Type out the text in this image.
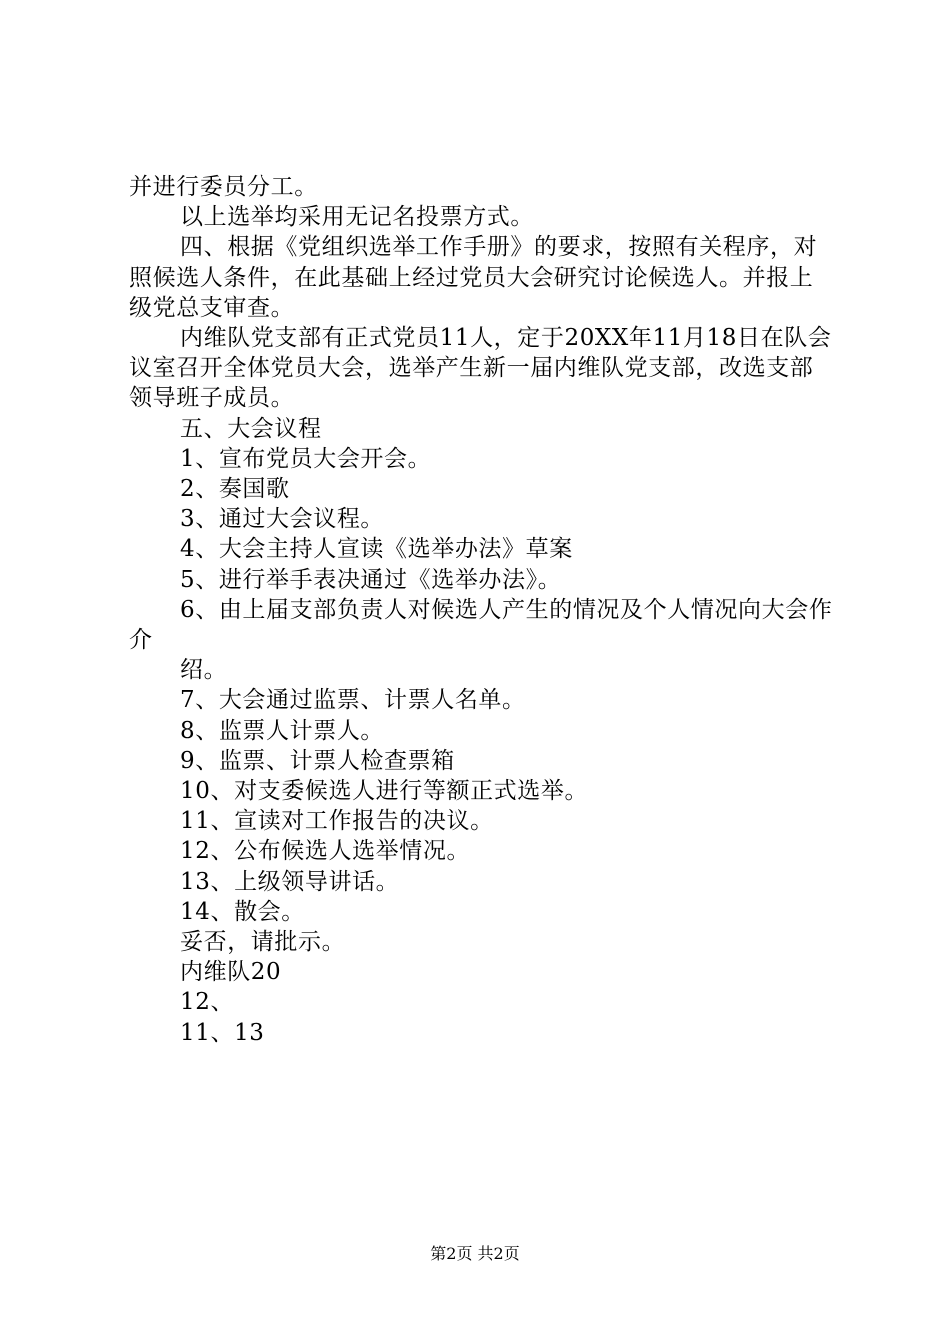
并进行委员分工。

以上选举均采用无记名投票方式。

四、根据《党组织选举工作手册》的要求，按照有关程序，对照候选人条件，在此基础上经过党员大会研究讨论候选人。并报上级党总支审查。

内维队党支部有正式党员11人，定于20XX年11月18日在队会议室召开全体党员大会，选举产生新一届内维队党支部，改选支部领导班子成员。

五、大会议程

1、宣布党员大会开会。

2、奏国歌

3、通过大会议程。

4、大会主持人宣读《选举办法》草案

5、进行举手表决通过《选举办法》。

6、由上届支部负责人对候选人产生的情况及个人情况向大会作介

绍。

7、大会通过监票、计票人名单。

8、监票人计票人。

9、监票、计票人检查票箱

10、对支委候选人进行等额正式选举。

11、宣读对工作报告的决议。

12、公布候选人选举情况。

13、上级领导讲话。

14、散会。

妥否，请批示。

内维队20

12、

11、13

第2页 共2页
